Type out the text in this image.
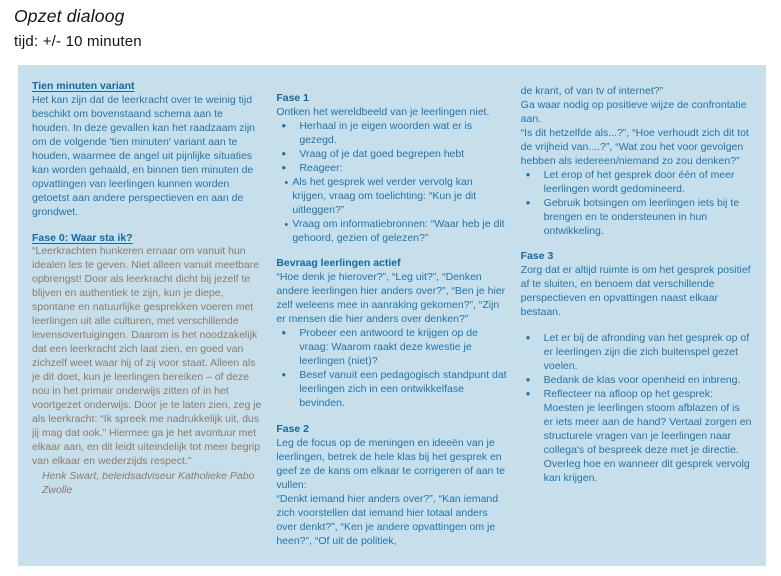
Opzet dialoog
tijd: +/- 10 minuten
Tien minuten variant
Het kan zijn dat de leerkracht over te weinig tijd beschikt om bovenstaand schema aan te houden. In deze gevallen kan het raadzaam zijn om de volgende 'tien minuten' variant aan te houden, waarmee de angel uit pijnlijke situaties kan worden gehaald, en binnen tien minuten de opvattingen van leerlingen kunnen worden getoetst aan andere perspectieven en aan de grondwet.
Fase 0: Waar sta ik?
“Leerkrachten hunkeren ernaar om vanuit hun idealen les te geven. Niet alleen vanuit meetbare opbrengst! Door als leerkracht dicht bij jezelf te blijven en authentiek te zijn, kun je diepe, spontane en natuurlijke gesprekken voeren met leerlingen uit alle culturen, met verschillende levensovertuigingen. Daarom is het noodzakelijk dat een leerkracht zich laat zien, en goed van zichzelf weet waar hij of zij voor staat. Alleen als je dit doet, kun je leerlingen bereiken – of deze nou in het primair onderwijs zitten of in het voortgezet onderwijs. Door je te laten zien, zeg je als leerkracht: “Ik spreek me nadrukkelijk uit, dus jij mag dat ook.” Hiermee ga je het avontuur met elkaar aan, en dit leidt uiteindelijk tot meer begrip van elkaar en wederzijds respect.”
Henk Swart, beleidsadviseur Katholieke Pabo Zwolle
Fase 1
Ontken het wereldbeeld van je leerlingen niet.
● Herhaal in je eigen woorden wat er is gezegd.
● Vraag of je dat goed begrepen hebt
● Reageer:
• Als het gesprek wel verder vervolg kan krijgen, vraag om toelichting: “Kun je dit uitleggen?”
• Vraag om informatiebronnen: “Waar heb je dit gehoord, gezien of gelezen?”
Bevraag leerlingen actief
“Hoe denk je hierover?”, “Leg uit?”, “Denken andere leerlingen hier anders over?”, “Ben je hier zelf weleens mee in aanraking gekomen?”, “Zijn er mensen die hier anders over denken?”
● Probeer een antwoord te krijgen op de vraag: Waarom raakt deze kwestie je leerlingen (niet)?
● Besef vanuit een pedagogisch standpunt dat leerlingen zich in een ontwikkelfase bevinden.
Fase 2
Leg de focus op de meningen en ideeën van je leerlingen, betrek de hele klas bij het gesprek en geef ze de kans om elkaar te corrigeren of aan te vullen:
“Denkt iemand hier anders over?”, “Kan iemand zich voorstellen dat iemand hier totaal anders over denkt?”, “Ken je andere opvattingen om je heen?”, “Of uit de politiek,
de krant, of van tv of internet?”
Ga waar nodig op positieve wijze de confrontatie aan.
“Is dit hetzelfde als...?”, “Hoe verhoudt zich dit tot de vrijheid van....?”, “Wat zou het voor gevolgen hebben als iedereen/niemand zo zou denken?”
● Let erop of het gesprek door één of meer leerlingen wordt gedomineerd.
● Gebruik botsingen om leerlingen iets bij te brengen en te ondersteunen in hun ontwikkeling.
Fase 3
Zorg dat er altijd ruimte is om het gesprek positief af te sluiten, en benoem dat verschillende perspectieven en opvattingen naast elkaar bestaan.
● Let er bij de afronding van het gesprek op of er leerlingen zijn die zich buitenspel gezet voelen.
● Bedank de klas voor openheid en inbreng.
● Reflecteer na afloop op het gesprek: Moesten je leerlingen stoom afblazen of is er iets meer aan de hand? Vertaal zorgen en structurele vragen van je leerlingen naar collega's of bespreek deze met je directie. Overleg hoe en wanneer dit gesprek vervolg kan krijgen.
